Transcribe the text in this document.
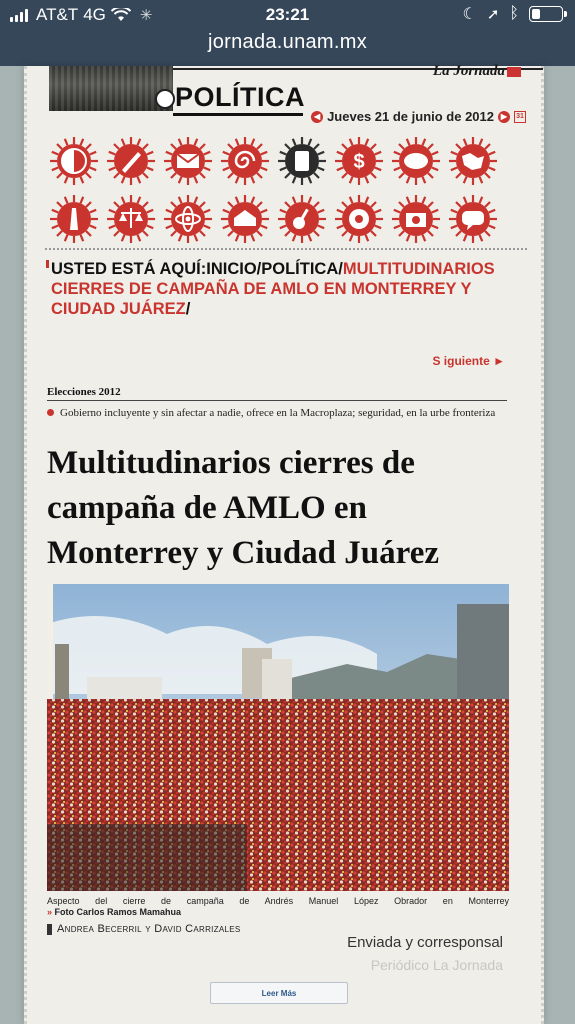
AT&T 4G ✳	23:21	☾ ➚ ᛒ
jornada.unam.mx
POLÍTICA
La Jornada
◀ Jueves 21 de junio de 2012 ▶	31
$
USTED ESTÁ AQUÍ:INICIO/POLÍTICA/MULTITUDINARIOS CIERRES DE CAMPAÑA DE AMLO EN MONTERREY Y CIUDAD JUÁREZ/
S iguiente ►
Elecciones 2012
Gobierno incluyente y sin afectar a nadie, ofrece en la Macroplaza; seguridad, en la urbe fronteriza
Multitudinarios cierres de campaña de AMLO en Monterrey y Ciudad Juárez
Aspecto del cierre de campaña de Andrés Manuel López Obrador en Monterrey
» Foto Carlos Ramos Mamahua
Andrea Becerril y David Carrizales
Enviada y corresponsal
Periódico La Jornada
Leer Más
